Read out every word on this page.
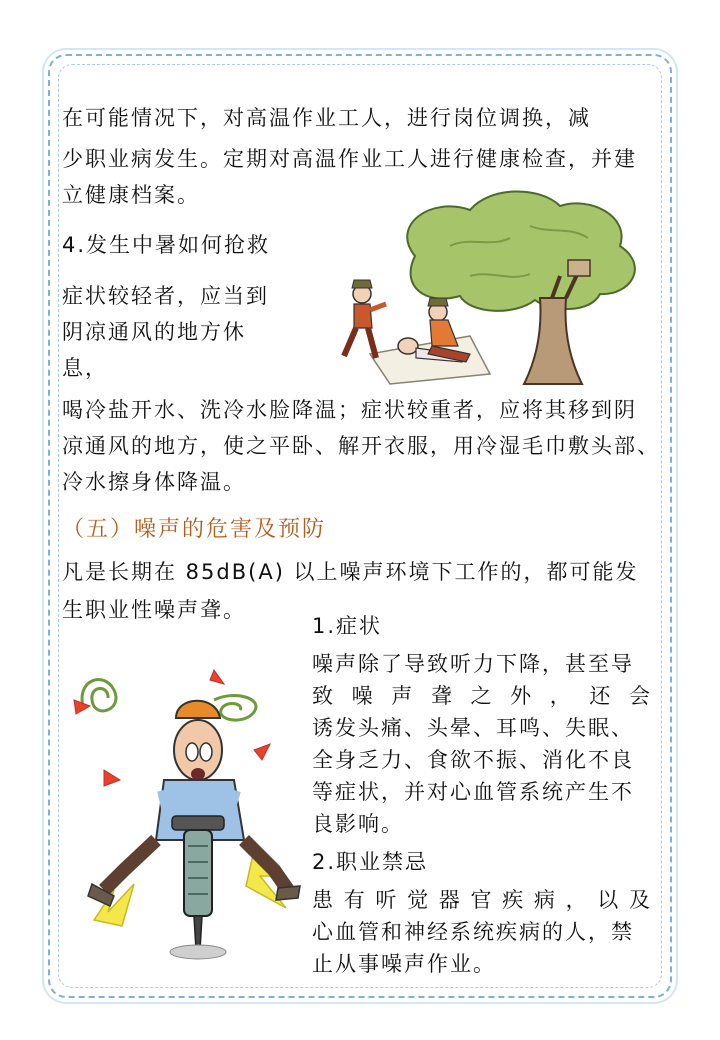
在可能情况下，对高温作业工人，进行岗位调换，减
少职业病发生。定期对高温作业工人进行健康检查，并建
立健康档案。
4.发生中暑如何抢救
症状较轻者，应当到
阴凉通风的地方休
息，
喝冷盐开水、洗冷水脸降温；症状较重者，应将其移到阴
凉通风的地方，使之平卧、解开衣服，用冷湿毛巾敷头部、
冷水擦身体降温。
（五）噪声的危害及预防
凡是长期在 85dB(A) 以上噪声环境下工作的，都可能发
生职业性噪声聋。
1.症状
噪声除了导致听力下降，甚至导
致噪声聋之外，还会
诱发头痛、头晕、耳鸣、失眠、
全身乏力、食欲不振、消化不良
等症状，并对心血管系统产生不
良影响。
2.职业禁忌
患有听觉器官疾病，以及
心血管和神经系统疾病的人，禁
止从事噪声作业。
